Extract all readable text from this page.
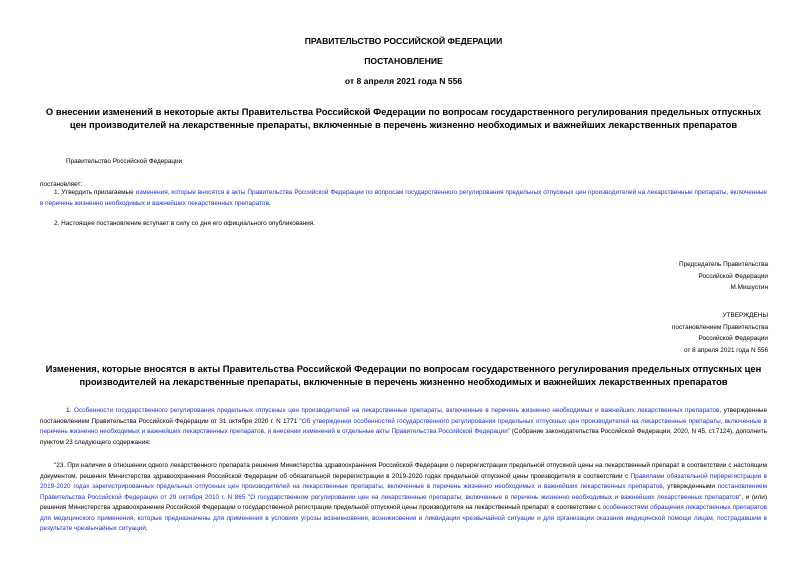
ПРАВИТЕЛЬСТВО РОССИЙСКОЙ ФЕДЕРАЦИИ
ПОСТАНОВЛЕНИЕ
от 8 апреля 2021 года N 556
О внесении изменений в некоторые акты Правительства Российской Федерации по вопросам государственного регулирования предельных отпускных цен производителей на лекарственные препараты, включенные в перечень жизненно необходимых и важнейших лекарственных препаратов
Правительство Российской Федерации
постановляет:
1. Утвердить прилагаемые изменения, которые вносятся в акты Правительства Российской Федерации по вопросам государственного регулирования предельных отпускных цен производителей на лекарственные препараты, включенные в перечень жизненно необходимых и важнейших лекарственных препаратов.
2. Настоящее постановление вступает в силу со дня его официального опубликования.
Председатель Правительства
Российской Федерации
М.Мишустин
УТВЕРЖДЕНЫ
постановлением Правительства
Российской Федерации
от 8 апреля 2021 года N 556
Изменения, которые вносятся в акты Правительства Российской Федерации по вопросам государственного регулирования предельных отпускных цен производителей на лекарственные препараты, включенные в перечень жизненно необходимых и важнейших лекарственных препаратов
1. Особенности государственного регулирования предельных отпускных цен производителей на лекарственные препараты, включенные в перечень жизненно необходимых и важнейших лекарственных препаратов, утвержденные постановлением Правительства Российской Федерации от 31 октября 2020 г. N 1771 "Об утверждении особенностей государственного регулирования предельных отпускных цен производителей на лекарственные препараты, включенные в перечень жизненно необходимых и важнейших лекарственных препаратов, и внесении изменений в отдельные акты Правительства Российской Федерации" (Собрание законодательства Российской Федерации, 2020, N 45, ст.7124), дополнить пунктом 23 следующего содержания:
"23. При наличии в отношении одного лекарственного препарата решения Министерства здравоохранения Российской Федерации о перерегистрации предельной отпускной цены на лекарственный препарат в соответствии с настоящим документом, решения Министерства здравоохранения Российской Федерации об обязательной перерегистрации в 2019-2020 годах предельной отпускной цены производителя в соответствии с Правилами обязательной перерегистрации в 2019-2020 годах зарегистрированных предельных отпускных цен производителей на лекарственные препараты, включенные в перечень жизненно необходимых и важнейших лекарственных препаратов, утвержденными постановлением Правительства Российской Федерации от 29 октября 2010 г. N 865 "О государственном регулировании цен на лекарственные препараты, включенные в перечень жизненно необходимых и важнейших лекарственных препаратов", и (или) решения Министерства здравоохранения Российской Федерации о государственной регистрации предельной отпускной цены производителя на лекарственный препарат в соответствии с особенностями обращения лекарственных препаратов для медицинского применения, которые предназначены для применения в условиях угрозы возникновения, возникновения и ликвидации чрезвычайной ситуации и для организации оказания медицинской помощи лицам, пострадавшим в результате чрезвычайных ситуаций,
